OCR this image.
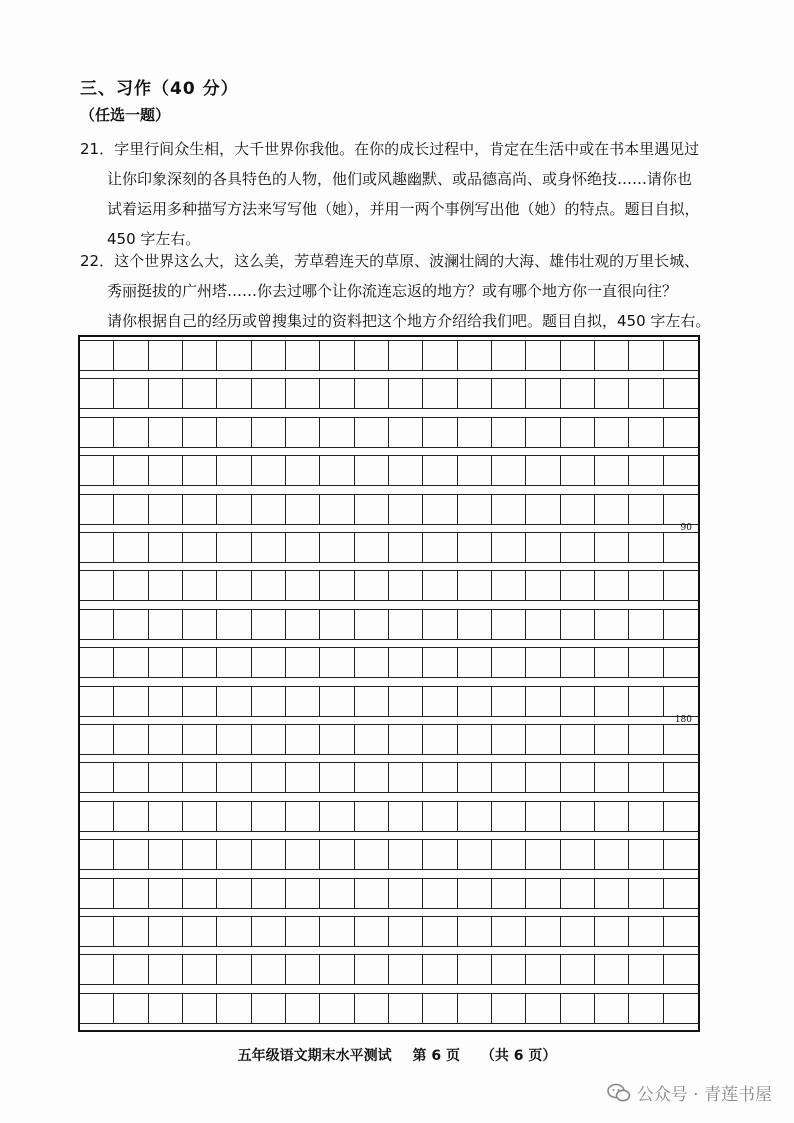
三、习作（40 分）
（任选一题）
21．字里行间众生相，大千世界你我他。在你的成长过程中，肯定在生活中或在书本里遇见过
让你印象深刻的各具特色的人物，他们或风趣幽默、或品德高尚、或身怀绝技……请你也
试着运用多种描写方法来写写他（她），并用一两个事例写出他（她）的特点。题目自拟，
450 字左右。
22．这个世界这么大，这么美，芳草碧连天的草原、波澜壮阔的大海、雄伟壮观的万里长城、
秀丽挺拔的广州塔……你去过哪个让你流连忘返的地方？或有哪个地方你一直很向往？
请你根据自己的经历或曾搜集过的资料把这个地方介绍给我们吧。题目自拟，450 字左右。
90
180
五年级语文期末水平测试 第 6 页 （共 6 页）
公众号 · 青莲书屋
